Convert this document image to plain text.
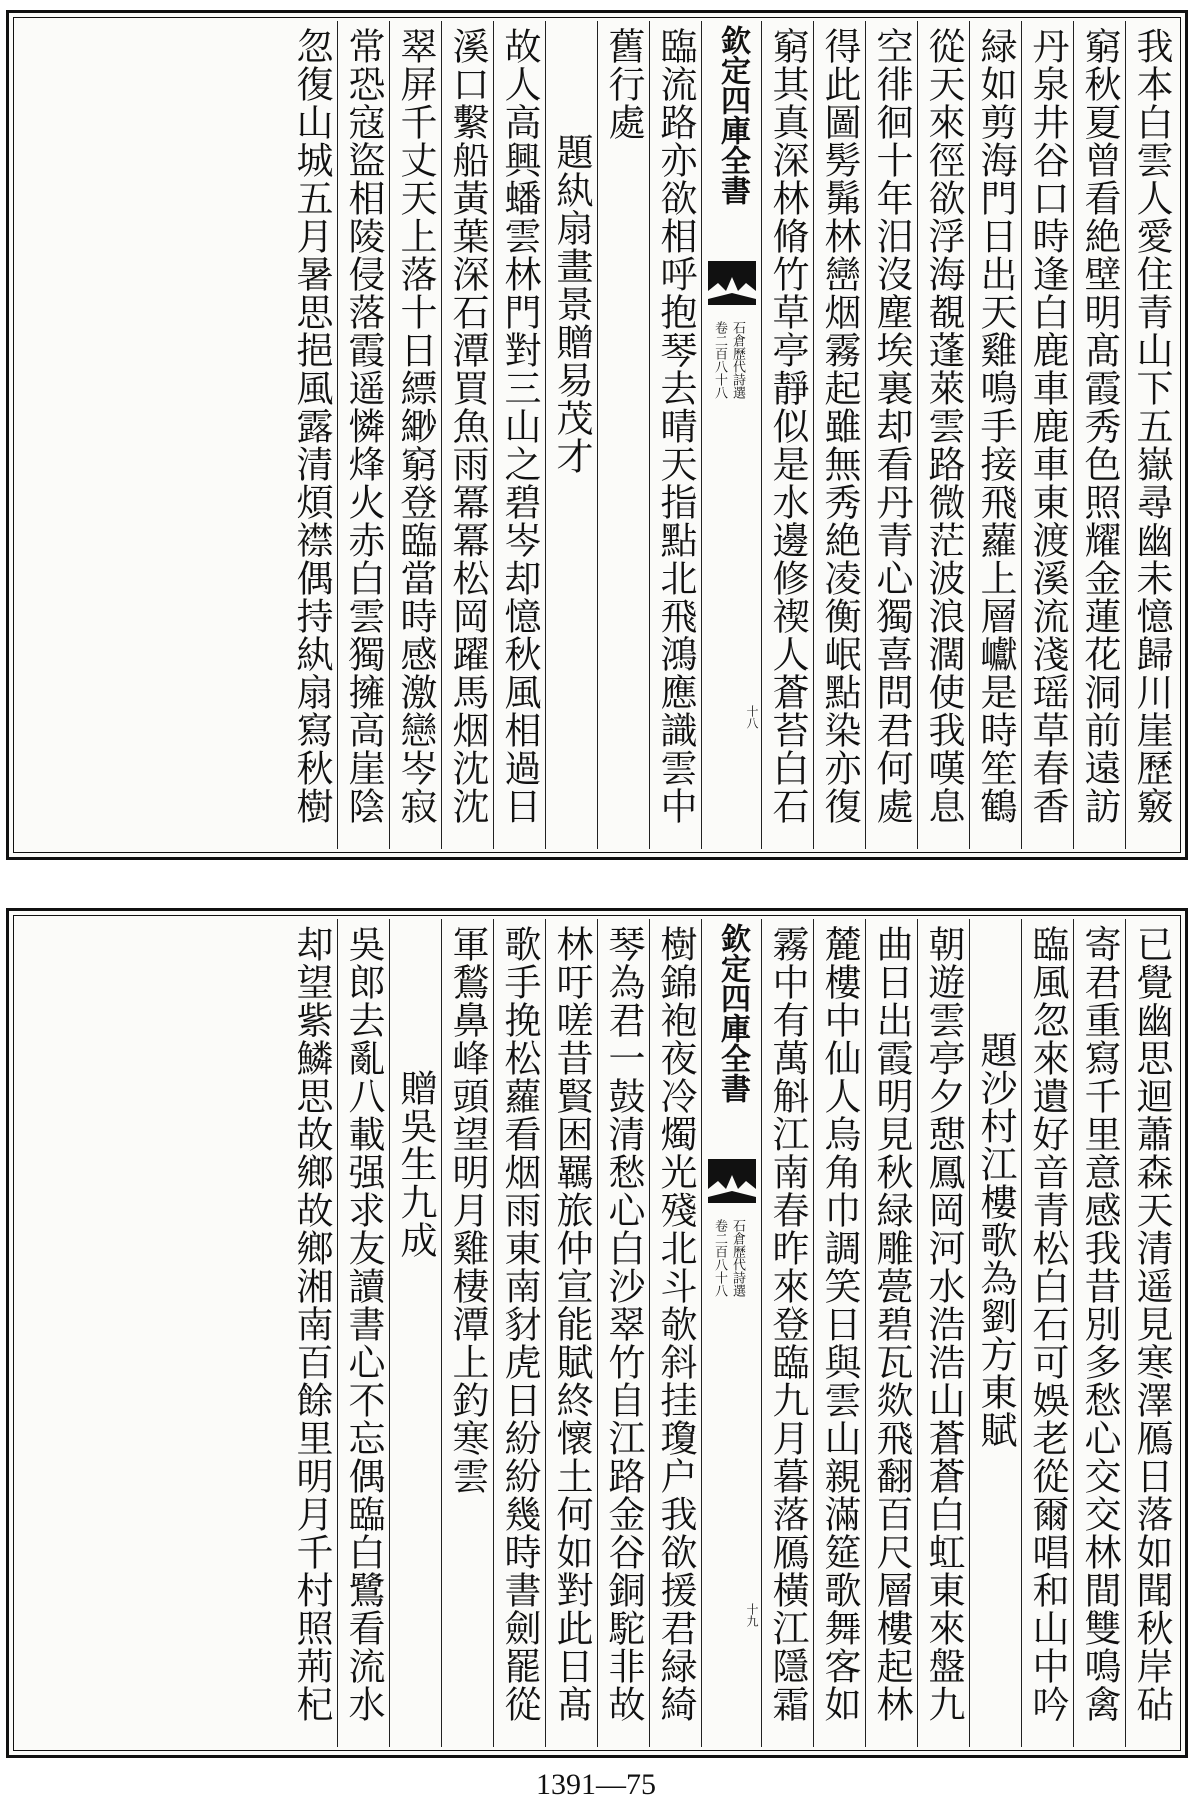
我本白雲人愛住青山下五嶽尋幽未憶歸川崖歷竅
窮秋夏曾看絶壁明髙霞秀色照耀金蓮花洞前遠訪
丹泉井谷口時逢白鹿車鹿車東渡溪流淺瑶草春香
緑如剪海門日出天雞鳴手接飛蘿上層巘是時笙鶴
從天來徑欲浮海覩蓬萊雲路微茫波浪濶使我嘆息
空徘徊十年汨沒塵埃裏却看丹青心獨喜問君何處
得此圖髣髴林巒烟霧起雖無秀絶凌衡岷點染亦復
窮其真深林脩竹草亭靜似是水邊修禊人蒼苔白石
欽定四庫全書
石倉歷代詩選
卷二百八十八
十八
臨流路亦欲相呼抱琴去晴天指點北飛鴻應識雲中
舊行處
題紈扇畫景贈易茂才
故人高興蟠雲林門對三山之碧岑却憶秋風相過日
溪口繫船黃葉深石潭買魚雨冪冪松岡躍馬烟沈沈
翠屏千丈天上落十日縹緲窮登臨當時感激戀岑寂
常恐寇盜相陵侵落霞遥憐烽火赤白雲獨擁高崖陰
忽復山城五月暑思挹風露清煩襟偶持紈扇寫秋樹
已覺幽思迴蕭森天清遥見寒澤鴈日落如聞秋岸砧
寄君重寫千里意感我昔別多愁心交交林間雙鳴禽
臨風忽來遺好音青松白石可娛老從爾唱和山中吟
題沙村江樓歌為劉方東賦
朝遊雲亭夕憇鳳岡河水浩浩山蒼蒼白虹東來盤九
曲日出霞明見秋緑雕甍碧瓦欻飛翻百尺層樓起林
麓樓中仙人烏角巾調笑日與雲山親滿筵歌舞客如
霧中有萬斛江南春昨來登臨九月暮落鴈橫江隱霜
欽定四庫全書
石倉歷代詩選
卷二百八十八
十九
樹錦袍夜冷燭光殘北斗欹斜挂瓊户我欲援君緑綺
琴為君一鼓清愁心白沙翠竹自江路金谷銅駝非故
林吁嗟昔賢困羈旅仲宣能賦終懷土何如對此日髙
歌手挽松蘿看烟雨東南豺虎日紛紛幾時書劍罷從
軍鶖鼻峰頭望明月雞棲潭上釣寒雲
贈吳生九成
吳郎去亂八載强求友讀書心不忘偶臨白鷺看流水
却望紫鱗思故鄉故鄉湘南百餘里明月千村照荊杞
1391—75
